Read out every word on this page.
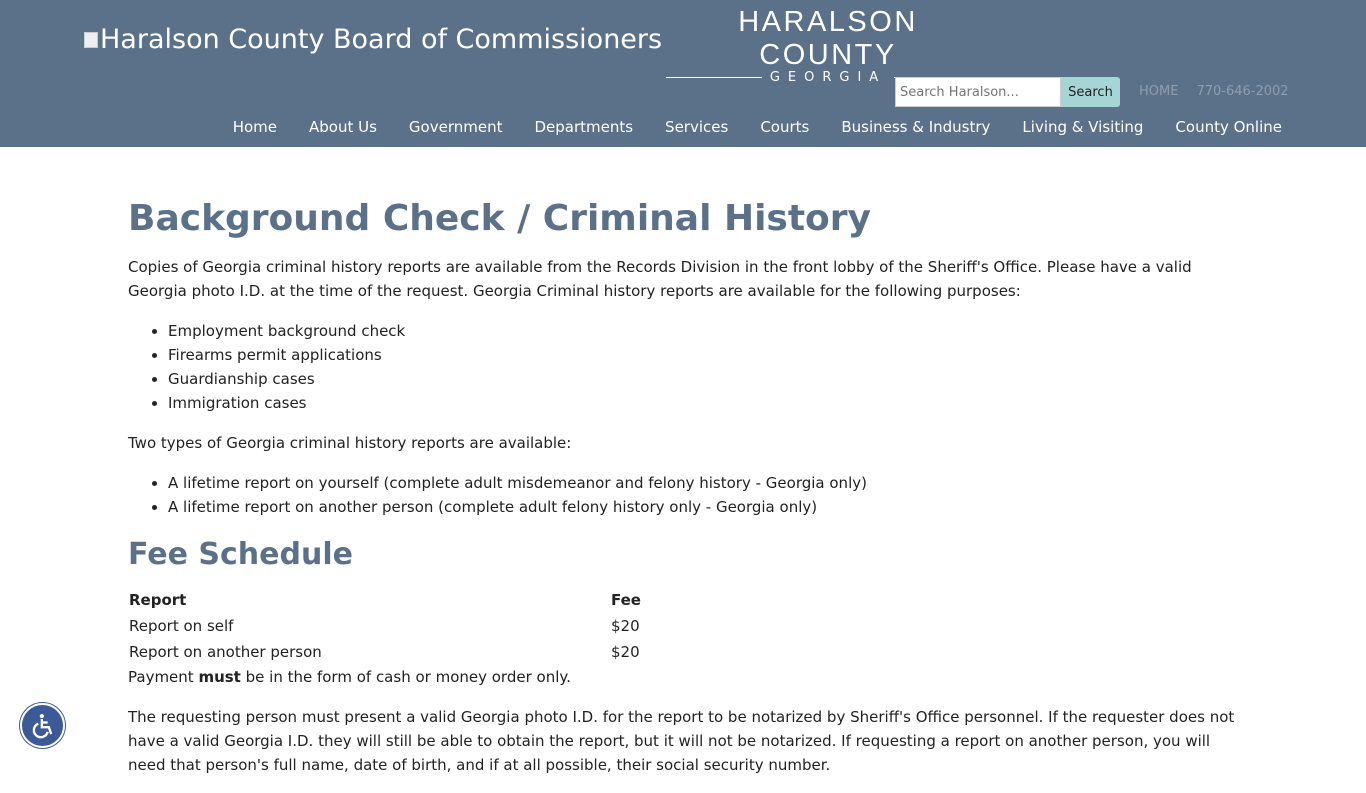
Haralson County Board of Commissioners
HARALSON COUNTY
GEORGIA
Search Haralson...
Search	HOME 770-646-2002
Home About Us Government Departments Services Courts Business & Industry Living & Visiting County Online
Background Check / Criminal History

Copies of Georgia criminal history reports are available from the Records Division in the front lobby of the Sheriff's Office. Please have a valid Georgia photo I.D. at the time of the request. Georgia Criminal history reports are available for the following purposes:

• Employment background check
• Firearms permit applications
• Guardianship cases
• Immigration cases

Two types of Georgia criminal history reports are available:

• A lifetime report on yourself (complete adult misdemeanor and felony history - Georgia only)
• A lifetime report on another person (complete adult felony history only - Georgia only)
Fee Schedule
Report	Fee
Report on self	$20
Report on another person	$20

Payment must be in the form of cash or money order only.

The requesting person must present a valid Georgia photo I.D. for the report to be notarized by Sheriff's Office personnel. If the requester does not have a valid Georgia I.D. they will still be able to obtain the report, but it will not be notarized. If requesting a report on another person, you will need that person's full name, date of birth, and if at all possible, their social security number.
